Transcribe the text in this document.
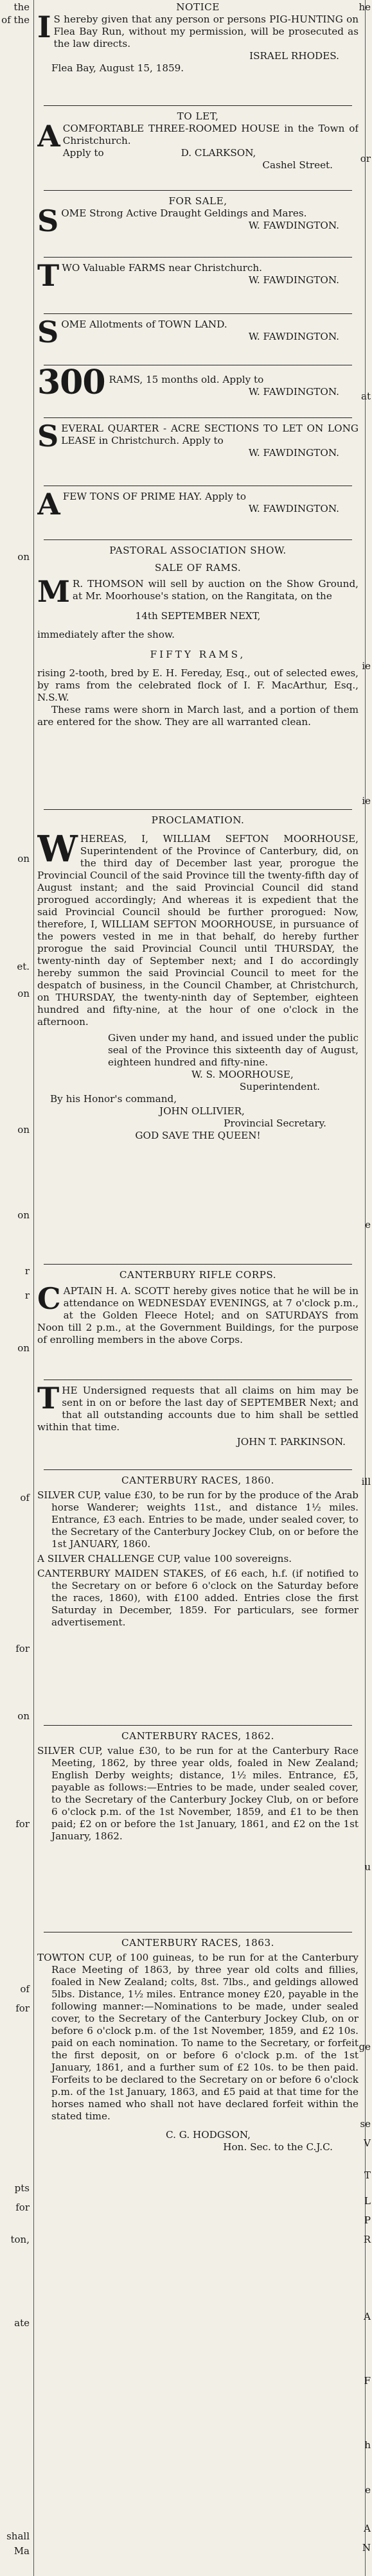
the
of the
on
on
et.
on
on
on
r
r
on
of
for
on
for
of
for
pts
for
ton,
ate
shall
Ma
he
or
at
ie
ie
e
ill
u
ge
se
V
T
L
P
R
A
F
h
e
A
N

NOTICE

I S hereby given that any person or persons PIG-HUNTING on Flea Bay Run, without my permission, will be prosecuted as the law directs.

ISRAEL RHODES.

Flea Bay, August 15, 1859.

TO LET,

ACOMFORTABLE THREE-ROOMED HOUSE in the Town of Christchurch.

Apply to	D. CLARKSON,

Cashel Street.

FOR SALE,

SOME Strong Active Draught Geldings and Mares.

W. FAWDINGTON.

TWO Valuable FARMS near Christchurch.

W. FAWDINGTON.

SOME Allotments of TOWN LAND.

W. FAWDINGTON.

300 RAMS, 15 months old. Apply to

W. FAWDINGTON.

SEVERAL QUARTER - ACRE SECTIONS TO LET ON LONG LEASE in Christchurch. Apply to

W. FAWDINGTON.

AFEW TONS OF PRIME HAY. Apply to

W. FAWDINGTON.

PASTORAL ASSOCIATION SHOW.

SALE OF RAMS.

M R. THOMSON will sell by auction on the Show Ground, at Mr. Moorhouse's station, on the Rangitata, on the

14th SEPTEMBER NEXT,

immediately after the show.

FIFTY RAMS,

rising 2-tooth, bred by E. H. Fereday, Esq., out of selected ewes, by rams from the celebrated flock of I. F. MacArthur, Esq., N.S.W.

These rams were shorn in March last, and a portion of them are entered for the show. They are all warranted clean.

PROCLAMATION.

WHEREAS, I, WILLIAM SEFTON MOORHOUSE, Superintendent of the Province of Canterbury, did, on the third day of December last year, prorogue the Provincial Council of the said Province till the twenty-fifth day of August instant; and the said Provincial Council did stand prorogued accordingly; And whereas it is expedient that the said Provincial Council should be further prorogued: Now, therefore, I, WILLIAM SEFTON MOORHOUSE, in pursuance of the powers vested in me in that behalf, do hereby further prorogue the said Provincial Council until THURSDAY, the twenty-ninth day of September next; and I do accordingly hereby summon the said Provincial Council to meet for the despatch of business, in the Council Chamber, at Christchurch, on THURSDAY, the twenty-ninth day of September, eighteen hundred and fifty-nine, at the hour of one o'clock in the afternoon.

Given under my hand, and issued under the public seal of the Province this sixteenth day of August, eighteen hundred and fifty-nine.

W. S. MOORHOUSE,

Superintendent.

By his Honor's command,

JOHN OLLIVIER,

Provincial Secretary.

GOD SAVE THE QUEEN!

CANTERBURY RIFLE CORPS.

CAPTAIN H. A. SCOTT hereby gives notice that he will be in attendance on WEDNESDAY EVENINGS, at 7 o'clock p.m., at the Golden Fleece Hotel; and on SATURDAYS from Noon till 2 p.m., at the Government Buildings, for the purpose of enrolling members in the above Corps.

THE Undersigned requests that all claims on him may be sent in on or before the last day of SEPTEMBER Next; and that all outstanding accounts due to him shall be settled within that time.

JOHN T. PARKINSON.

CANTERBURY RACES, 1860.

SILVER CUP, value £30, to be run for by the produce of the Arab horse Wanderer; weights 11st., and distance 1½ miles. Entrance, £3 each. Entries to be made, under sealed cover, to the Secretary of the Canterbury Jockey Club, on or before the 1st JANUARY, 1860.

A SILVER CHALLENGE CUP, value 100 sovereigns.

CANTERBURY MAIDEN STAKES, of £6 each, h.f. (if notified to the Secretary on or before 6 o'clock on the Saturday before the races, 1860), with £100 added. Entries close the first Saturday in December, 1859. For particulars, see former advertisement.

CANTERBURY RACES, 1862.

SILVER CUP, value £30, to be run for at the Canterbury Race Meeting, 1862, by three year olds, foaled in New Zealand; English Derby weights; distance, 1½ miles. Entrance, £5, payable as follows:—Entries to be made, under sealed cover, to the Secretary of the Canterbury Jockey Club, on or before 6 o'clock p.m. of the 1st November, 1859, and £1 to be then paid; £2 on or before the 1st January, 1861, and £2 on the 1st January, 1862.

CANTERBURY RACES, 1863.

TOWTON CUP, of 100 guineas, to be run for at the Canterbury Race Meeting of 1863, by three year old colts and fillies, foaled in New Zealand; colts, 8st. 7lbs., and geldings allowed 5lbs. Distance, 1½ miles. Entrance money £20, payable in the following manner:—Nominations to be made, under sealed cover, to the Secretary of the Canterbury Jockey Club, on or before 6 o'clock p.m. of the 1st November, 1859, and £2 10s. paid on each nomination. To name to the Secretary, or forfeit the first deposit, on or before 6 o'clock p.m. of the 1st January, 1861, and a further sum of £2 10s. to be then paid. Forfeits to be declared to the Secretary on or before 6 o'clock p.m. of the 1st January, 1863, and £5 paid at that time for the horses named who shall not have declared forfeit within the stated time.

C. G. HODGSON,

Hon. Sec. to the C.J.C.
